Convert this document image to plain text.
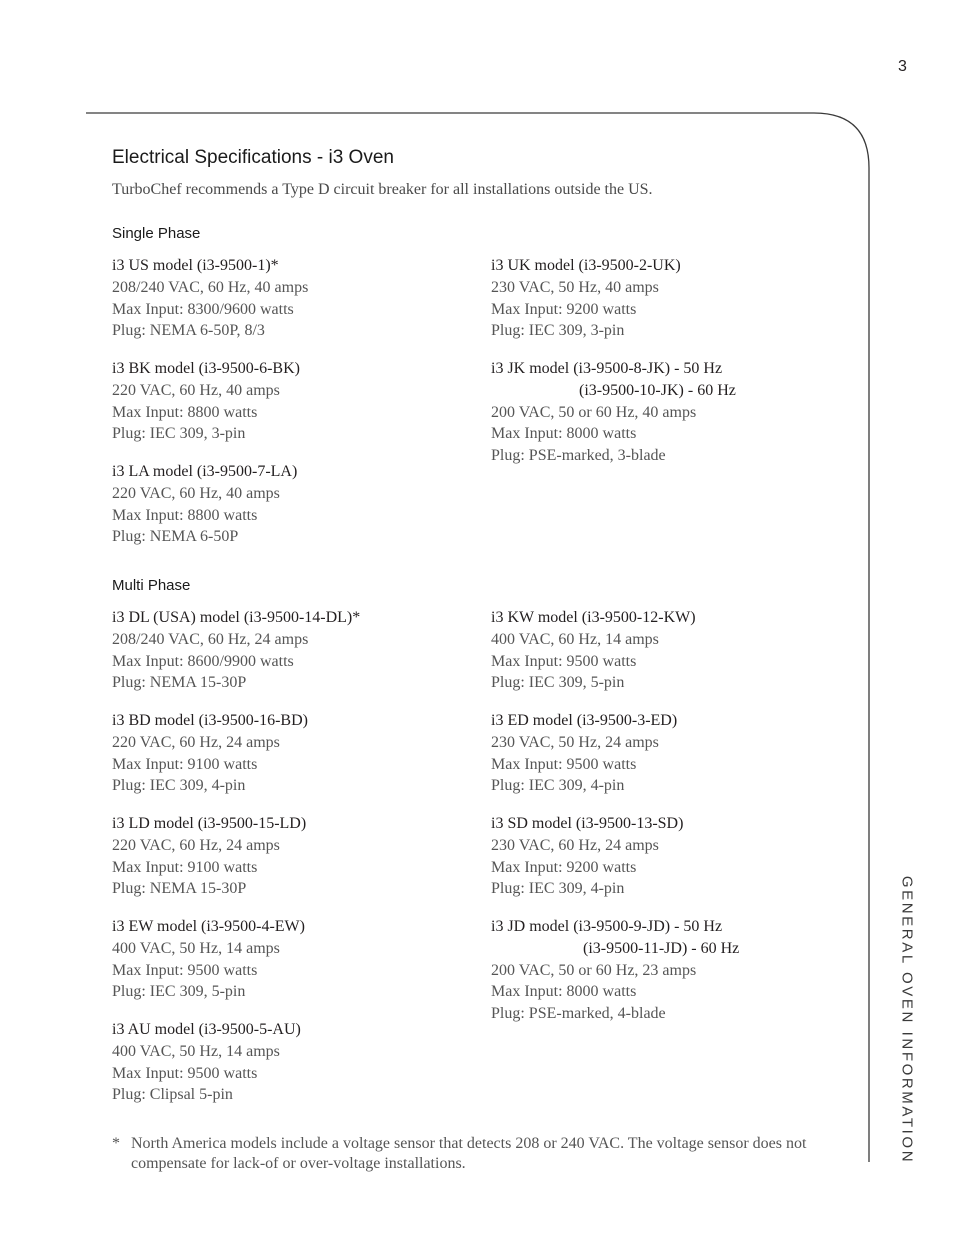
3
Electrical Specifications - i3 Oven
TurboChef recommends a Type D circuit breaker for all installations outside the US.
Single Phase
i3 US model (i3-9500-1)*
208/240 VAC, 60 Hz, 40 amps
Max Input: 8300/9600 watts
Plug: NEMA 6-50P, 8/3
i3 BK model (i3-9500-6-BK)
220 VAC, 60 Hz, 40 amps
Max Input: 8800 watts
Plug: IEC 309, 3-pin
i3 LA model (i3-9500-7-LA)
220 VAC, 60 Hz, 40 amps
Max Input: 8800 watts
Plug: NEMA 6-50P
i3 UK model (i3-9500-2-UK)
230 VAC, 50 Hz, 40 amps
Max Input: 9200 watts
Plug: IEC 309, 3-pin
i3 JK model (i3-9500-8-JK) - 50 Hz
(i3-9500-10-JK) - 60 Hz
200 VAC, 50 or 60 Hz, 40 amps
Max Input: 8000 watts
Plug: PSE-marked, 3-blade
Multi Phase
i3 DL (USA) model (i3-9500-14-DL)*
208/240 VAC, 60 Hz, 24 amps
Max Input: 8600/9900 watts
Plug: NEMA 15-30P
i3 BD model (i3-9500-16-BD)
220 VAC, 60 Hz, 24 amps
Max Input: 9100 watts
Plug: IEC 309, 4-pin
i3 LD model (i3-9500-15-LD)
220 VAC, 60 Hz, 24 amps
Max Input: 9100 watts
Plug: NEMA 15-30P
i3 EW model (i3-9500-4-EW)
400 VAC, 50 Hz, 14 amps
Max Input: 9500 watts
Plug: IEC 309, 5-pin
i3 AU model (i3-9500-5-AU)
400 VAC, 50 Hz, 14 amps
Max Input: 9500 watts
Plug: Clipsal 5-pin
i3 KW model (i3-9500-12-KW)
400 VAC, 60 Hz, 14 amps
Max Input: 9500 watts
Plug: IEC 309, 5-pin
i3 ED model (i3-9500-3-ED)
230 VAC, 50 Hz, 24 amps
Max Input: 9500 watts
Plug: IEC 309, 4-pin
i3 SD model (i3-9500-13-SD)
230 VAC, 60 Hz, 24 amps
Max Input: 9200 watts
Plug: IEC 309, 4-pin
i3 JD model (i3-9500-9-JD) - 50 Hz
(i3-9500-11-JD) - 60 Hz
200 VAC, 50 or 60 Hz, 23 amps
Max Input: 8000 watts
Plug: PSE-marked, 4-blade
* North America models include a voltage sensor that detects 208 or 240 VAC. The voltage sensor does not compensate for lack-of or over-voltage installations.	GENERAL OVEN INFORMATION
